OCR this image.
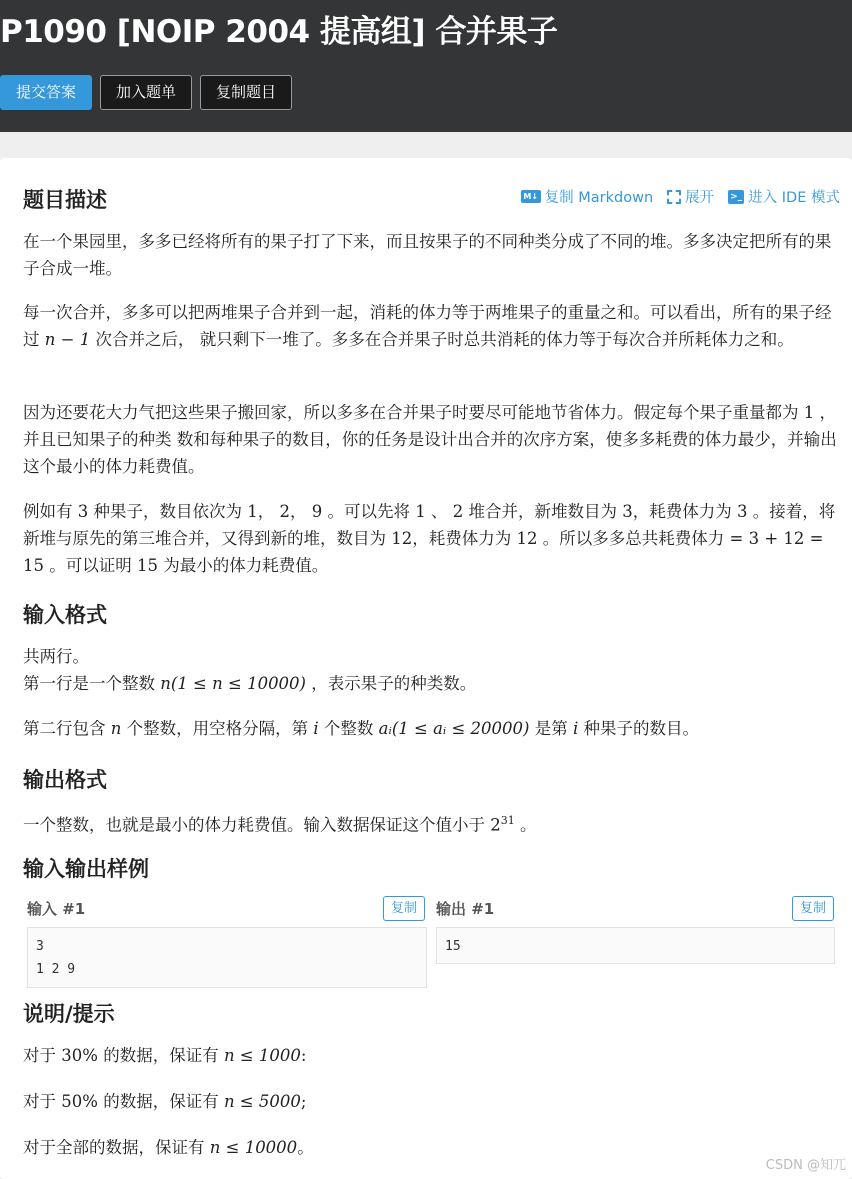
P1090 [NOIP 2004 提高组] 合并果子
提交答案	加入题单	复制题目
题目描述	M↓ 复制 Markdown 展开 >_ 进入 IDE 模式
在一个果园里，多多已经将所有的果子打了下来，而且按果子的不同种类分成了不同的堆。多多决定把所有的果子合成一堆。
每一次合并，多多可以把两堆果子合并到一起，消耗的体力等于两堆果子的重量之和。可以看出，所有的果子经过 n − 1 次合并之后， 就只剩下一堆了。多多在合并果子时总共消耗的体力等于每次合并所耗体力之和。
因为还要花大力气把这些果子搬回家，所以多多在合并果子时要尽可能地节省体力。假定每个果子重量都为 1 ，并且已知果子的种类 数和每种果子的数目，你的任务是设计出合并的次序方案，使多多耗费的体力最少，并输出这个最小的体力耗费值。
例如有 3 种果子，数目依次为 1， 2， 9 。可以先将 1 、 2 堆合并，新堆数目为 3，耗费体力为 3 。接着，将新堆与原先的第三堆合并，又得到新的堆，数目为 12，耗费体力为 12 。所以多多总共耗费体力 = 3 + 12 = 15 。可以证明 15 为最小的体力耗费值。
输入格式
共两行。
第一行是一个整数 n(1 ≤ n ≤ 10000) ，表示果子的种类数。
第二行包含 n 个整数，用空格分隔，第 i 个整数 aᵢ(1 ≤ aᵢ ≤ 20000) 是第 i 种果子的数目。
输出格式
一个整数，也就是最小的体力耗费值。输入数据保证这个值小于 $2^{31}$ 。
输入输出样例
输入 #1	复制
3
1 2 9
输出 #1	复制
15
说明/提示
对于 30% 的数据，保证有 n ≤ 1000:
对于 50% 的数据，保证有 n ≤ 5000;
对于全部的数据，保证有 n ≤ 10000。
CSDN @知兀
